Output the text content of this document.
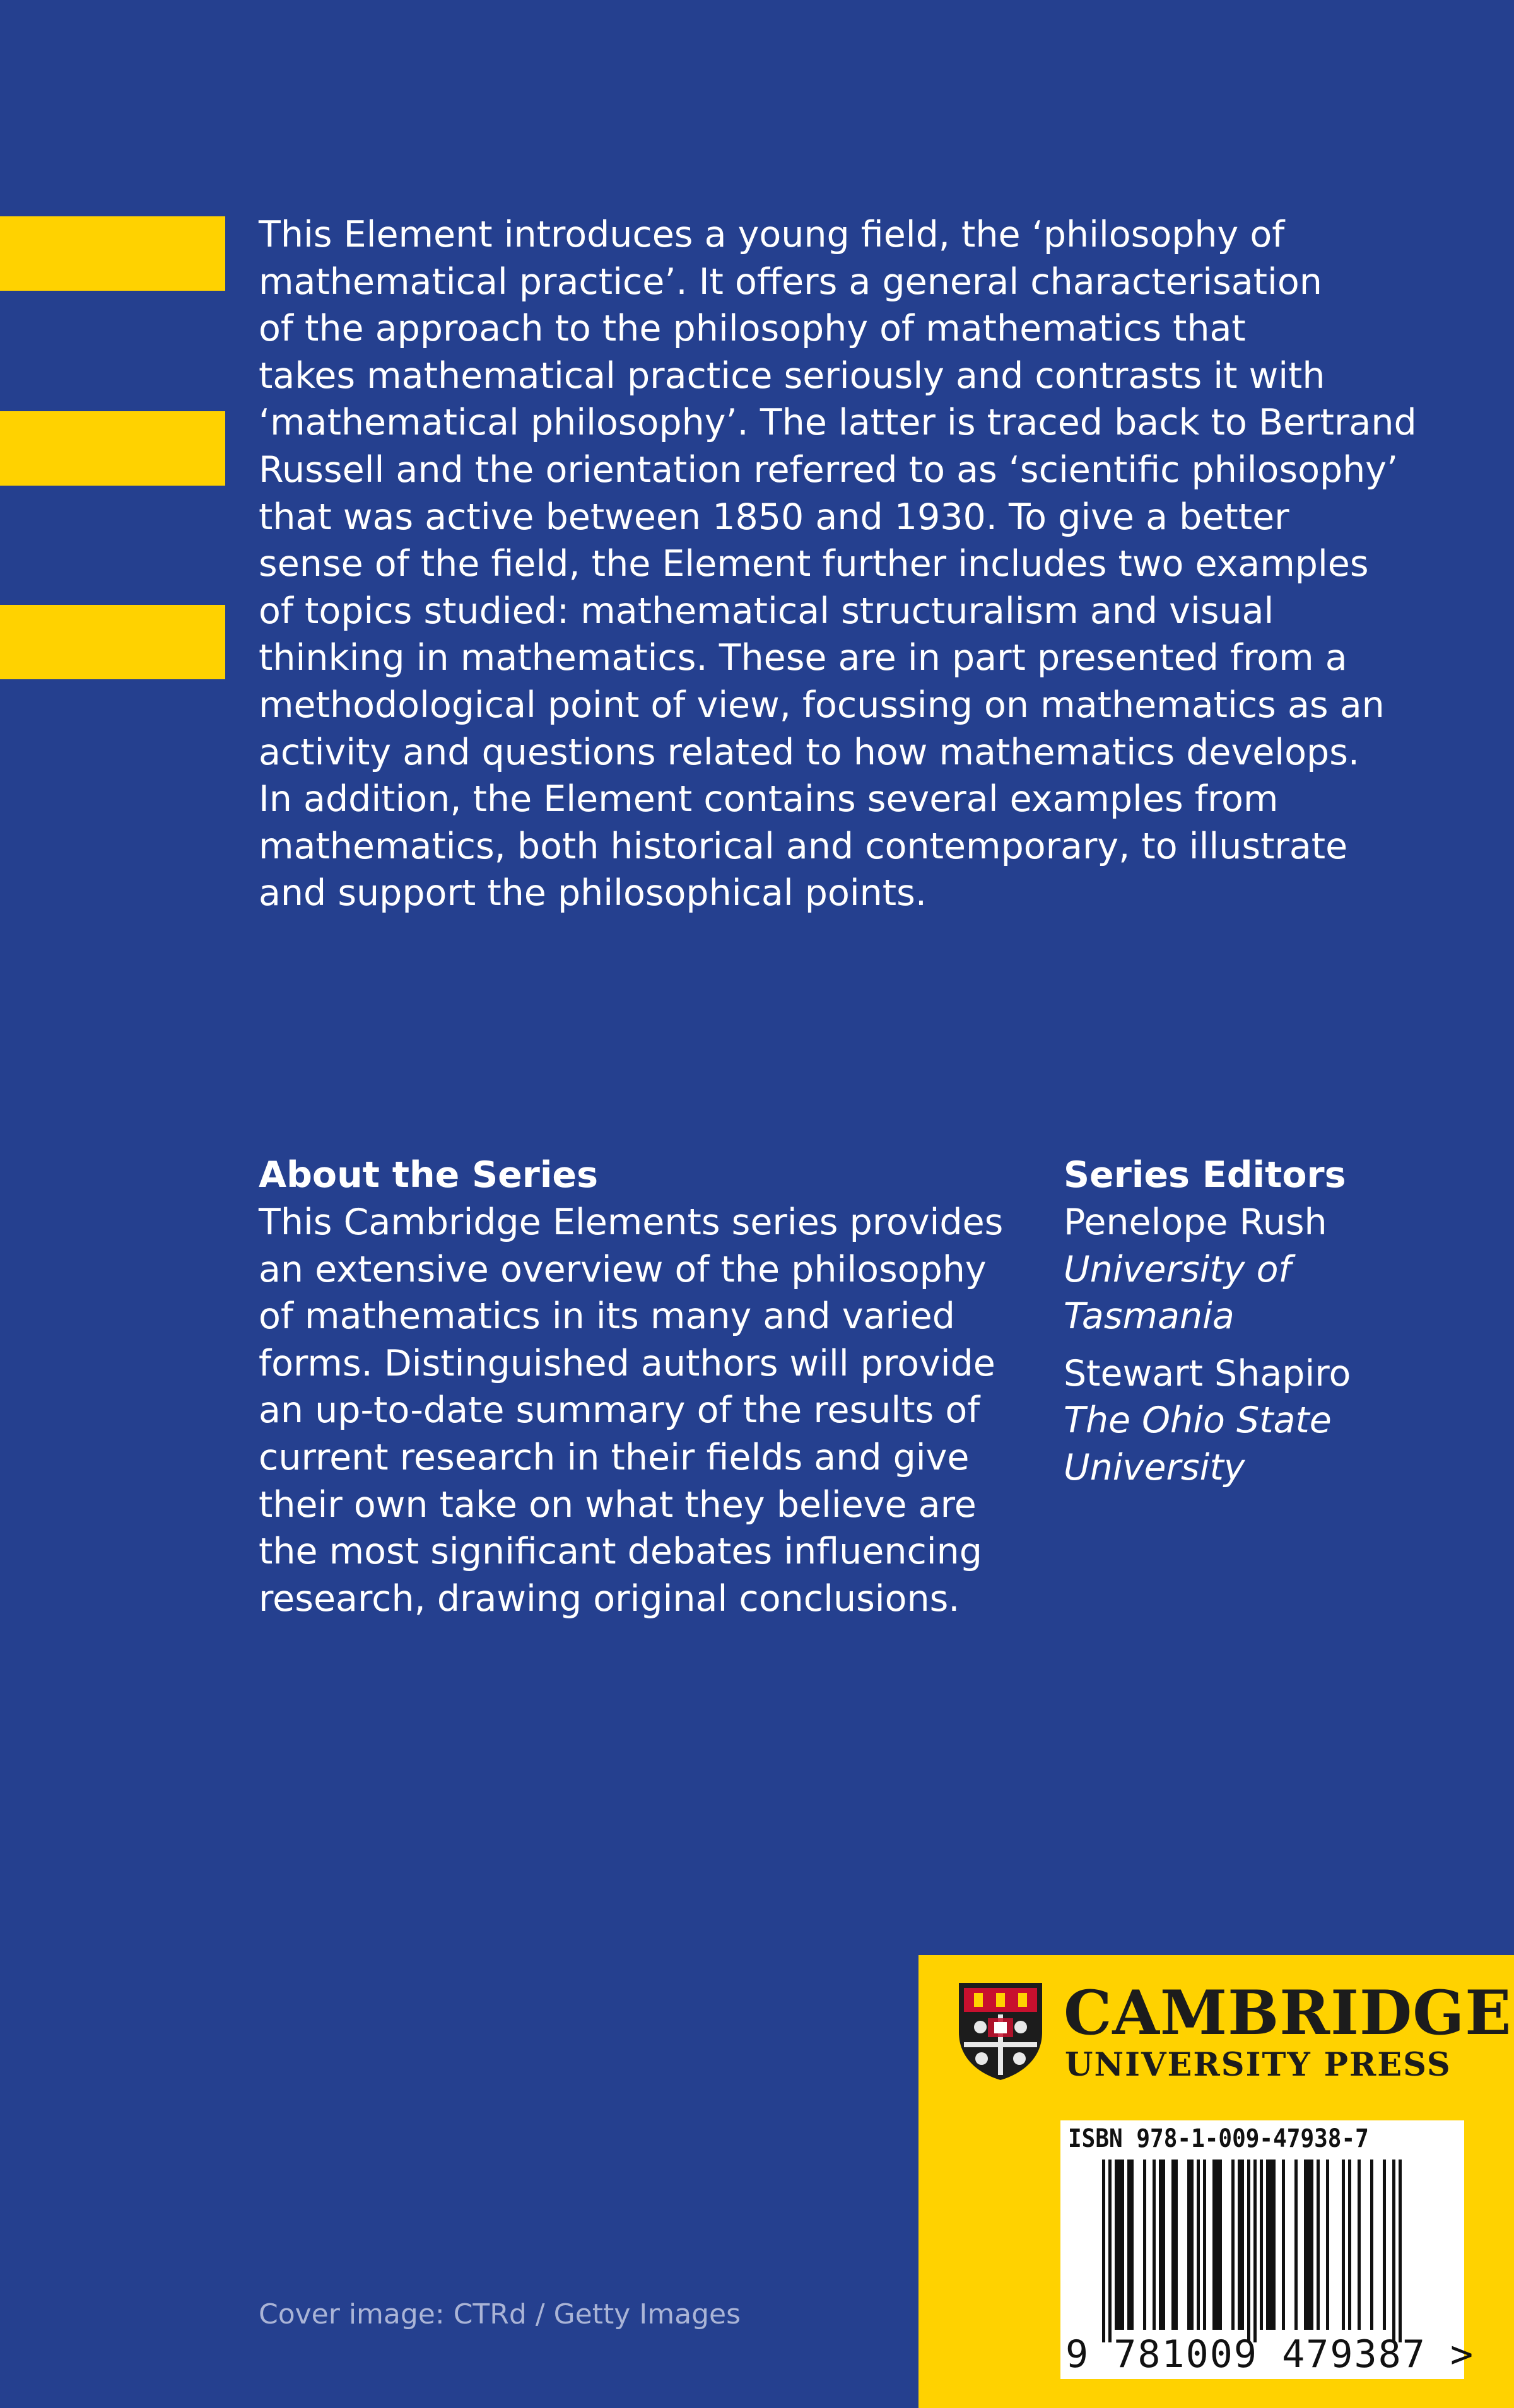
This Element introduces a young field, the ‘philosophy of
mathematical practice’. It offers a general characterisation
of the approach to the philosophy of mathematics that
takes mathematical practice seriously and contrasts it with
‘mathematical philosophy’. The latter is traced back to Bertrand
Russell and the orientation referred to as ‘scientific philosophy’
that was active between 1850 and 1930. To give a better
sense of the field, the Element further includes two examples
of topics studied: mathematical structuralism and visual
thinking in mathematics. These are in part presented from a
methodological point of view, focussing on mathematics as an
activity and questions related to how mathematics develops.
In addition, the Element contains several examples from
mathematics, both historical and contemporary, to illustrate
and support the philosophical points.
About the Series
This Cambridge Elements series provides
an extensive overview of the philosophy
of mathematics in its many and varied
forms. Distinguished authors will provide
an up-to-date summary of the results of
current research in their fields and give
their own take on what they believe are
the most significant debates influencing
research, drawing original conclusions.
Series Editors
Penelope Rush
University of
Tasmania
Stewart Shapiro
The Ohio State
University
Cover image: CTRd / Getty Images
CAMBRIDGE
UNIVERSITY PRESS
ISBN 978-1-009-47938-7
9 781009 479387 >
